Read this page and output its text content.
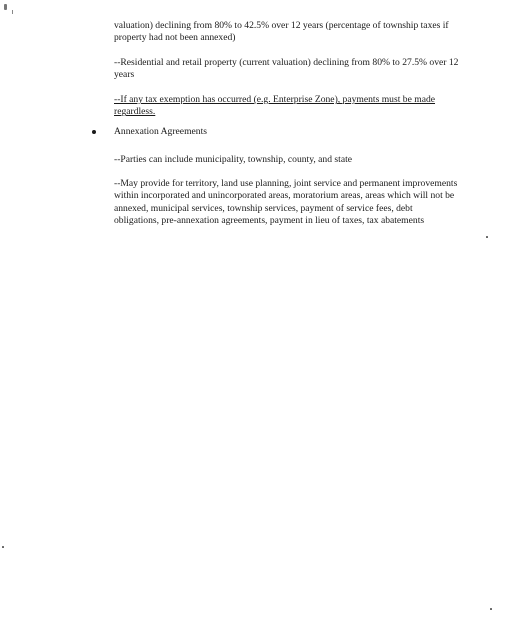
valuation) declining from 80% to 42.5% over 12 years (percentage of township taxes if property had not been annexed)

--Residential and retail property (current valuation) declining from 80% to 27.5% over 12 years

--If any tax exemption has occurred (e.g. Enterprise Zone), payments must be made regardless.

Annexation Agreements

--Parties can include municipality, township, county, and state

--May provide for territory, land use planning, joint service and permanent improvements within incorporated and unincorporated areas, moratorium areas, areas which will not be annexed, municipal services, township services, payment of service fees, debt obligations, pre-annexation agreements, payment in lieu of taxes, tax abatements
